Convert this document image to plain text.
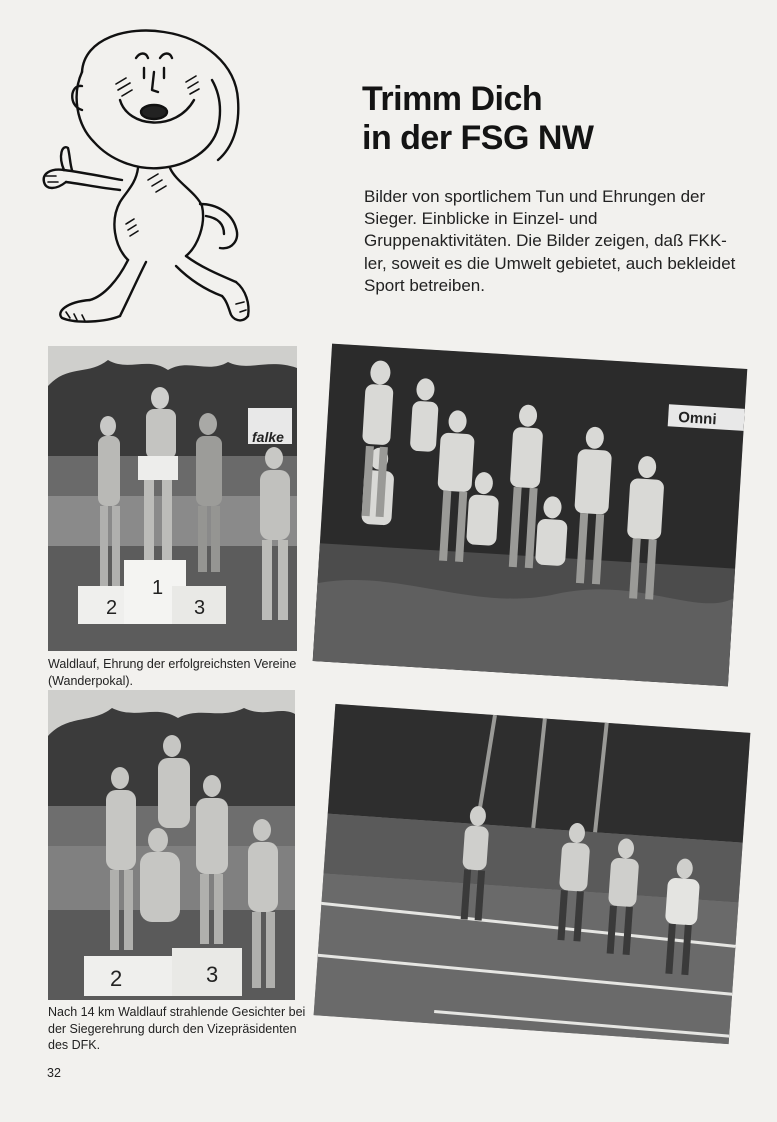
Trimm Dich
in der FSG NW

Bilder von sportlichem Tun und Ehrungen der Sieger. Einblicke in Einzel- und Gruppenaktivitäten. Die Bilder zeigen, daß FKK-ler, soweit es die Umwelt gebietet, auch bekleidet Sport betreiben.

falke
2
1
3

Waldlauf, Ehrung der erfolgreichsten Vereine (Wanderpokal).

Omni
2	3

Nach 14 km Waldlauf strahlende Gesichter bei der Siegerehrung durch den Vizepräsidenten des DFK.

32
